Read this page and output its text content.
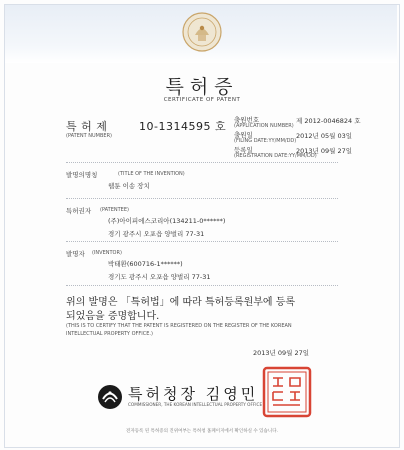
특허증
CERTIFICATE OF PATENT
특 허 제	10-1314595 호
(PATENT NUMBER)
출원번호
(APPLICATION NUMBER)
제 2012-0046824 호
출원일
(FILING DATE:YY/MM/DD)
2012년 05월 03일
등록일
(REGISTRATION DATE:YY/MM/DD)
2013년 09월 27일
발명의명칭	(TITLE OF THE INVENTION)
웹툰 이송 장치
특허권자 (PATENTEE)
(주)아이피에스코리아(134211-0******)
경기 광주시 오포읍 양벌리 77-31
발명자 (INVENTOR)
박태환(600716-1******)
경기도 광주시 오포읍 양벌리 77-31
위의 발명은 「특허법」에 따라 특허등록원부에 등록
되었음을 증명합니다.
(THIS IS TO CERTIFY THAT THE PATENT IS REGISTERED ON THE REGISTER OF THE KOREAN
INTELLECTUAL PROPERTY OFFICE.)
2013년 09월 27일
특허청장 김영민
COMMISSIONER, THE KOREAN INTELLECTUAL PROPERTY OFFICE
전자등록 된 특허증의 진위여부는 특허청 홈페이지에서 확인하실 수 있습니다.
